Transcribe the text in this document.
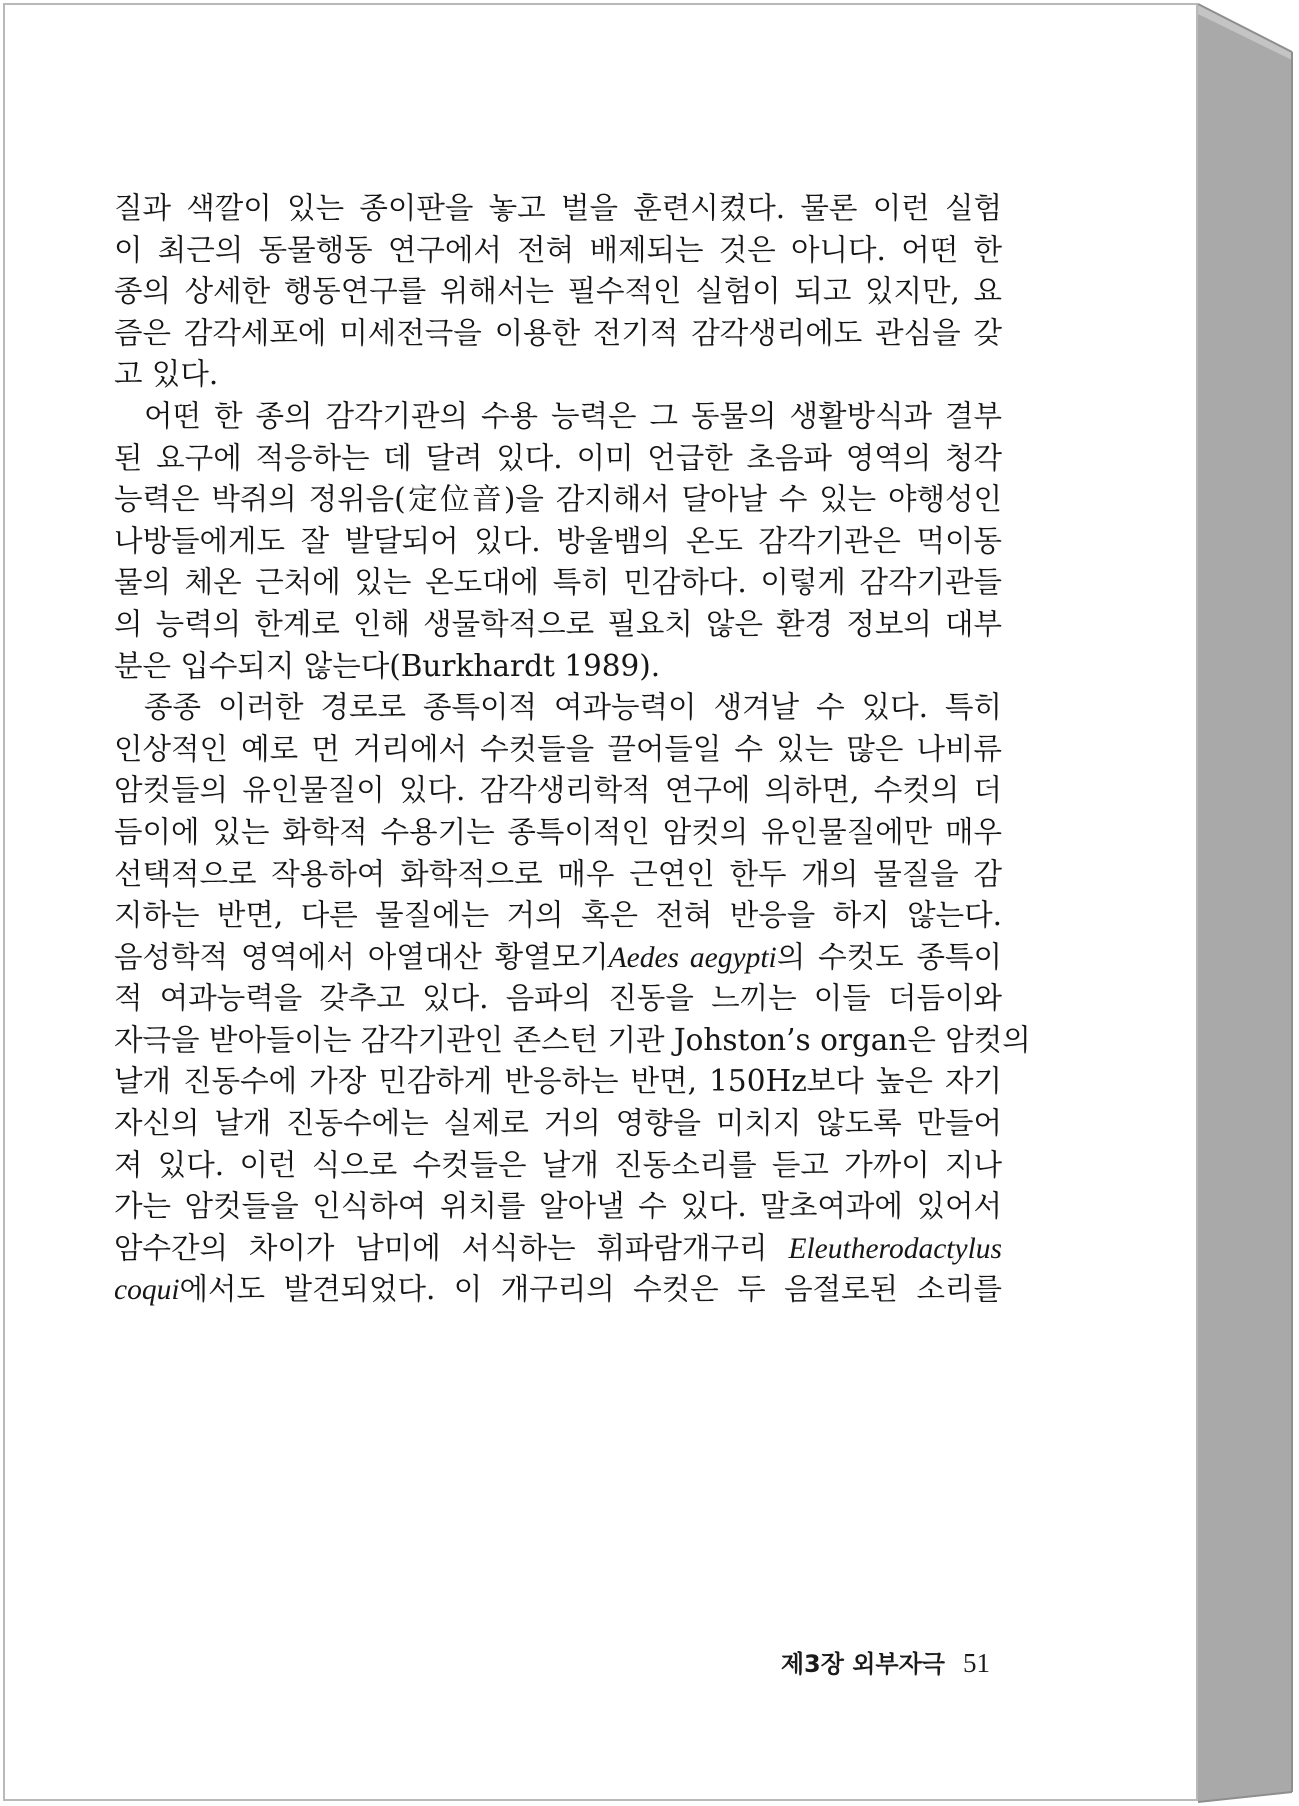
질과 색깔이 있는 종이판을 놓고 벌을 훈련시켰다. 물론 이런 실험
이 최근의 동물행동 연구에서 전혀 배제되는 것은 아니다. 어떤 한
종의 상세한 행동연구를 위해서는 필수적인 실험이 되고 있지만, 요
즘은 감각세포에 미세전극을 이용한 전기적 감각생리에도 관심을 갖
고 있다.
어떤 한 종의 감각기관의 수용 능력은 그 동물의 생활방식과 결부
된 요구에 적응하는 데 달려 있다. 이미 언급한 초음파 영역의 청각
능력은 박쥐의 정위음(定位音)을 감지해서 달아날 수 있는 야행성인
나방들에게도 잘 발달되어 있다. 방울뱀의 온도 감각기관은 먹이동
물의 체온 근처에 있는 온도대에 특히 민감하다. 이렇게 감각기관들
의 능력의 한계로 인해 생물학적으로 필요치 않은 환경 정보의 대부
분은 입수되지 않는다(Burkhardt 1989).
종종 이러한 경로로 종특이적 여과능력이 생겨날 수 있다. 특히
인상적인 예로 먼 거리에서 수컷들을 끌어들일 수 있는 많은 나비류
암컷들의 유인물질이 있다. 감각생리학적 연구에 의하면, 수컷의 더
듬이에 있는 화학적 수용기는 종특이적인 암컷의 유인물질에만 매우
선택적으로 작용하여 화학적으로 매우 근연인 한두 개의 물질을 감
지하는 반면, 다른 물질에는 거의 혹은 전혀 반응을 하지 않는다.
음성학적 영역에서 아열대산 황열모기Aedes aegypti의 수컷도 종특이
적 여과능력을 갖추고 있다. 음파의 진동을 느끼는 이들 더듬이와
자극을 받아들이는 감각기관인 존스턴 기관 Johston’s organ은 암컷의
날개 진동수에 가장 민감하게 반응하는 반면, 150Hz보다 높은 자기
자신의 날개 진동수에는 실제로 거의 영향을 미치지 않도록 만들어
져 있다. 이런 식으로 수컷들은 날개 진동소리를 듣고 가까이 지나
가는 암컷들을 인식하여 위치를 알아낼 수 있다. 말초여과에 있어서
암수간의 차이가 남미에 서식하는 휘파람개구리 Eleutherodactylus
coqui에서도 발견되었다. 이 개구리의 수컷은 두 음절로된 소리를
제3장 외부자극 51
